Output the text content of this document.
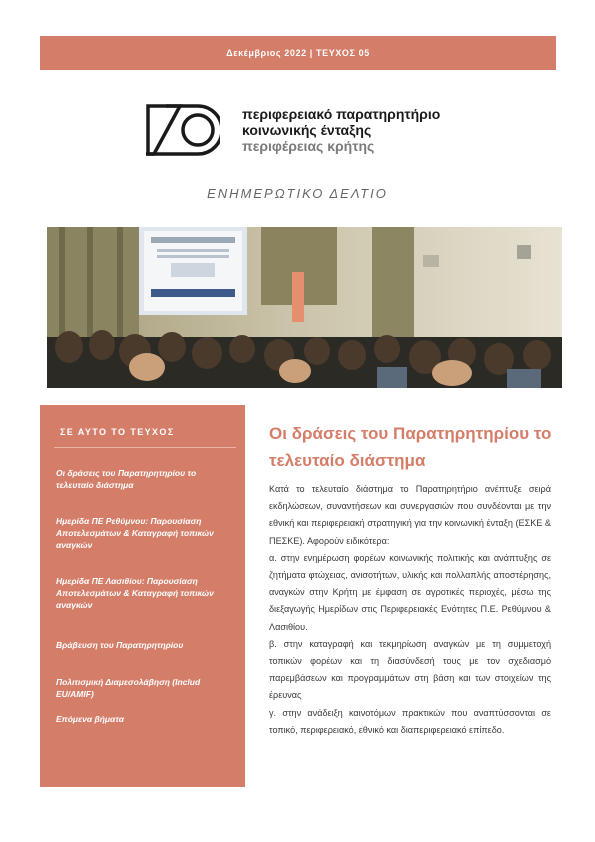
Δεκέμβριος 2022 | ΤΕΥΧΟΣ 05
περιφερειακό παρατηρητήριο
κοινωνικής ένταξης
περιφέρειας κρήτης
ΕΝΗΜΕΡΩΤΙΚΟ ΔΕΛΤΙΟ
ΣΕ ΑΥΤΟ ΤΟ ΤΕΥΧΟΣ
Οι δράσεις του Παρατηρητηρίου το τελευταίο διάστημα
Ημερίδα ΠΕ Ρεθύμνου: Παρουσίαση Αποτελεσμάτων & Καταγραφή τοπικών αναγκών
Ημερίδα ΠΕ Λασιθίου: Παρουσίαση Αποτελεσμάτων & Καταγραφή τοπικών αναγκών
Βράβευση του Παρατηρητηρίου
Πολιτισμική Διαμεσολάβηση (Includ EU/AMIF)
Επόμενα βήματα
Οι δράσεις του Παρατηρητηρίου το τελευταίο διάστημα

Κατά το τελευταίο διάστημα το Παρατηρητήριο ανέπτυξε σειρά εκδηλώσεων, συναντήσεων και συνεργασιών που συνδέονται με την εθνική και περιφερειακή στρατηγική για την κοινωνική ένταξη (ΕΣΚΕ & ΠΕΣΚΕ). Αφορούν ειδικότερα:

α. στην ενημέρωση φορέων κοινωνικής πολιτικής και ανάπτυξης σε ζητήματα φτώχειας, ανισοτήτων, υλικής και πολλαπλής αποστέρησης, αναγκών στην Κρήτη με έμφαση σε αγροτικές περιοχές, μέσω της διεξαγωγής Ημερίδων στις Περιφερειακές Ενότητες Π.Ε. Ρεθύμνου & Λασιθίου.

β. στην καταγραφή και τεκμηρίωση αναγκών με τη συμμετοχή τοπικών φορέων και τη διασύνδεσή τους με τον σχεδιασμό παρεμβάσεων και προγραμμάτων στη βάση και των στοιχείων της έρευνας

γ. στην ανάδειξη καινοτόμων πρακτικών που αναπτύσσονται σε τοπικό, περιφερειακό, εθνικό και διαπεριφερειακό επίπεδο.
